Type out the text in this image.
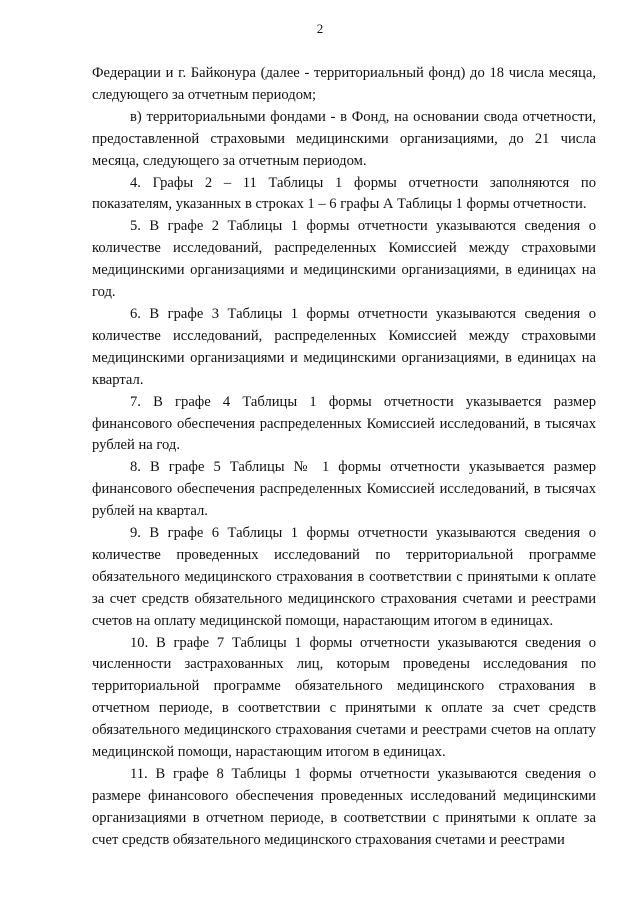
2

Федерации и г. Байконура (далее - территориальный фонд) до 18 числа месяца, следующего за отчетным периодом;

в) территориальными фондами - в Фонд, на основании свода отчетности, предоставленной страховыми медицинскими организациями, до 21 числа месяца, следующего за отчетным периодом.

4. Графы 2 – 11 Таблицы 1 формы отчетности заполняются по показателям, указанных в строках 1 – 6 графы А Таблицы 1 формы отчетности.

5. В графе 2 Таблицы 1 формы отчетности указываются сведения о количестве исследований, распределенных Комиссией между страховыми медицинскими организациями и медицинскими организациями, в единицах на год.

6. В графе 3 Таблицы 1 формы отчетности указываются сведения о количестве исследований, распределенных Комиссией между страховыми медицинскими организациями и медицинскими организациями, в единицах на квартал.

7. В графе 4 Таблицы 1 формы отчетности указывается размер финансового обеспечения распределенных Комиссией исследований, в тысячах рублей на год.

8. В графе 5 Таблицы № 1 формы отчетности указывается размер финансового обеспечения распределенных Комиссией исследований, в тысячах рублей на квартал.

9. В графе 6 Таблицы 1 формы отчетности указываются сведения о количестве проведенных исследований по территориальной программе обязательного медицинского страхования в соответствии с принятыми к оплате за счет средств обязательного медицинского страхования счетами и реестрами счетов на оплату медицинской помощи, нарастающим итогом в единицах.

10. В графе 7 Таблицы 1 формы отчетности указываются сведения о численности застрахованных лиц, которым проведены исследования по территориальной программе обязательного медицинского страхования в отчетном периоде, в соответствии с принятыми к оплате за счет средств обязательного медицинского страхования счетами и реестрами счетов на оплату медицинской помощи, нарастающим итогом в единицах.

11. В графе 8 Таблицы 1 формы отчетности указываются сведения о размере финансового обеспечения проведенных исследований медицинскими организациями в отчетном периоде, в соответствии с принятыми к оплате за счет средств обязательного медицинского страхования счетами и реестрами
